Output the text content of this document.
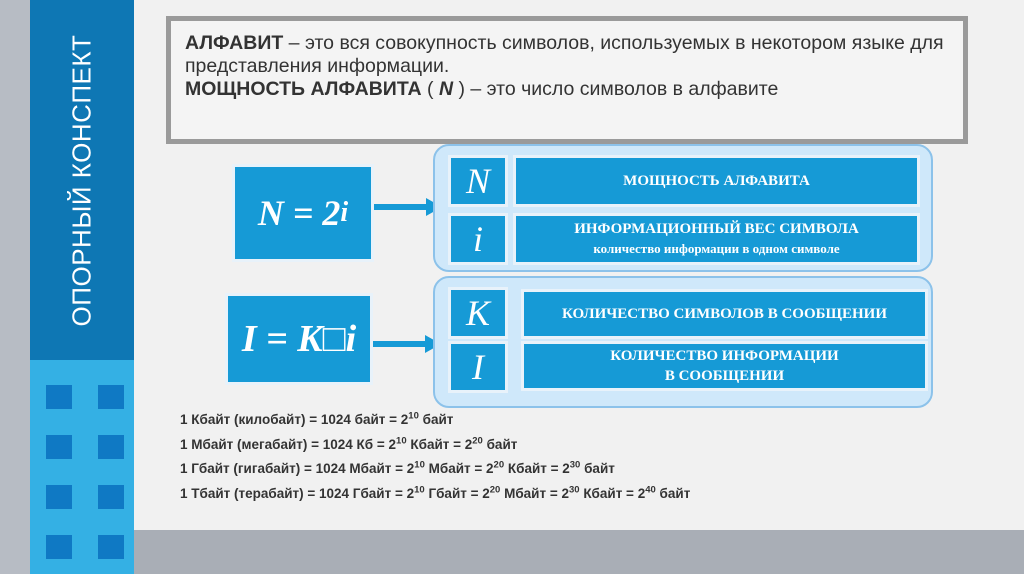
ОПОРНЫЙ КОНСПЕКТ	АЛФАВИТ – это вся совокупность символов, используемых в некотором языке для представления информации.
МОЩНОСТЬ АЛФАВИТА ( N ) – это число символов в алфавите
N = 2 i
I = K□i
N	МОЩНОСТЬ АЛФАВИТА
i	ИНФОРМАЦИОННЫЙ ВЕС СИМВОЛА
количество информации в одном символе
K	КОЛИЧЕСТВО СИМВОЛОВ В СООБЩЕНИИ
I	КОЛИЧЕСТВО ИНФОРМАЦИИ
В СООБЩЕНИИ
1 Кбайт (килобайт) = 1024 байт = $2^{10}$ байт
1 Мбайт (мегабайт) = 1024 Кб = $2^{10}$ Кбайт = $2^{20}$ байт
1 Гбайт (гигабайт) = 1024 Мбайт = $2^{10}$ Мбайт = $2^{20}$ Кбайт = $2^{30}$ байт
1 Тбайт (терабайт) = 1024 Гбайт = $2^{10}$ Гбайт = $2^{20}$ Мбайт = $2^{30}$ Кбайт = $2^{40}$ байт
